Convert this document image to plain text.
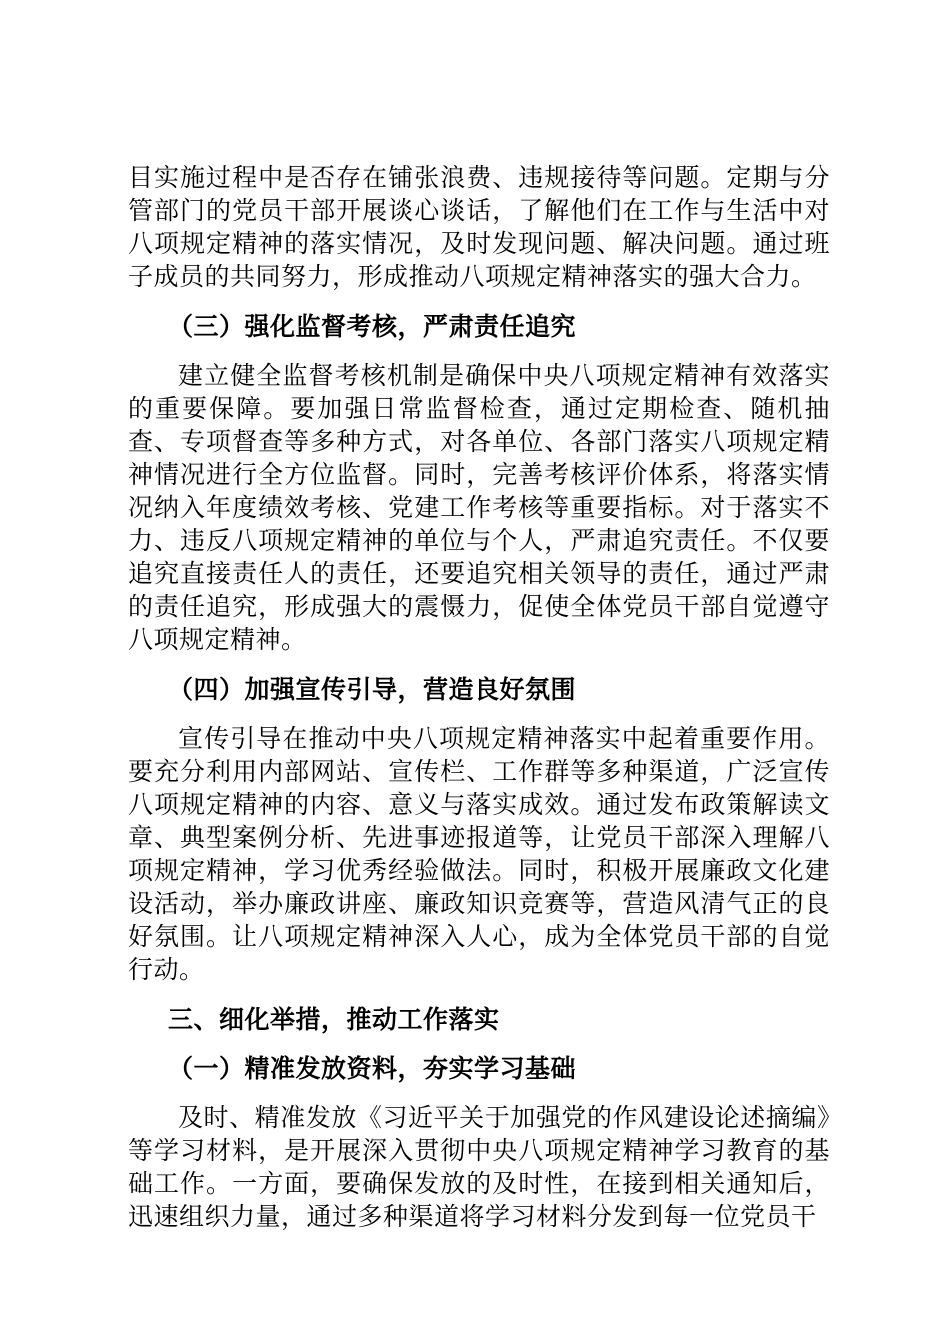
目实施过程中是否存在铺张浪费、违规接待等问题。定期与分管部门的党员干部开展谈心谈话，了解他们在工作与生活中对八项规定精神的落实情况，及时发现问题、解决问题。通过班子成员的共同努力，形成推动八项规定精神落实的强大合力。

（三）强化监督考核，严肃责任追究

建立健全监督考核机制是确保中央八项规定精神有效落实的重要保障。要加强日常监督检查，通过定期检查、随机抽查、专项督查等多种方式，对各单位、各部门落实八项规定精神情况进行全方位监督。同时，完善考核评价体系，将落实情况纳入年度绩效考核、党建工作考核等重要指标。对于落实不力、违反八项规定精神的单位与个人，严肃追究责任。不仅要追究直接责任人的责任，还要追究相关领导的责任，通过严肃的责任追究，形成强大的震慑力，促使全体党员干部自觉遵守八项规定精神。

（四）加强宣传引导，营造良好氛围

宣传引导在推动中央八项规定精神落实中起着重要作用。要充分利用内部网站、宣传栏、工作群等多种渠道，广泛宣传八项规定精神的内容、意义与落实成效。通过发布政策解读文章、典型案例分析、先进事迹报道等，让党员干部深入理解八项规定精神，学习优秀经验做法。同时，积极开展廉政文化建设活动，举办廉政讲座、廉政知识竞赛等，营造风清气正的良好氛围。让八项规定精神深入人心，成为全体党员干部的自觉行动。

三、细化举措，推动工作落实
（一）精准发放资料，夯实学习基础

及时、精准发放《习近平关于加强党的作风建设论述摘编》等学习材料，是开展深入贯彻中央八项规定精神学习教育的基础工作。一方面，要确保发放的及时性，在接到相关通知后，迅速组织力量，通过多种渠道将学习材料分发到每一位党员干
